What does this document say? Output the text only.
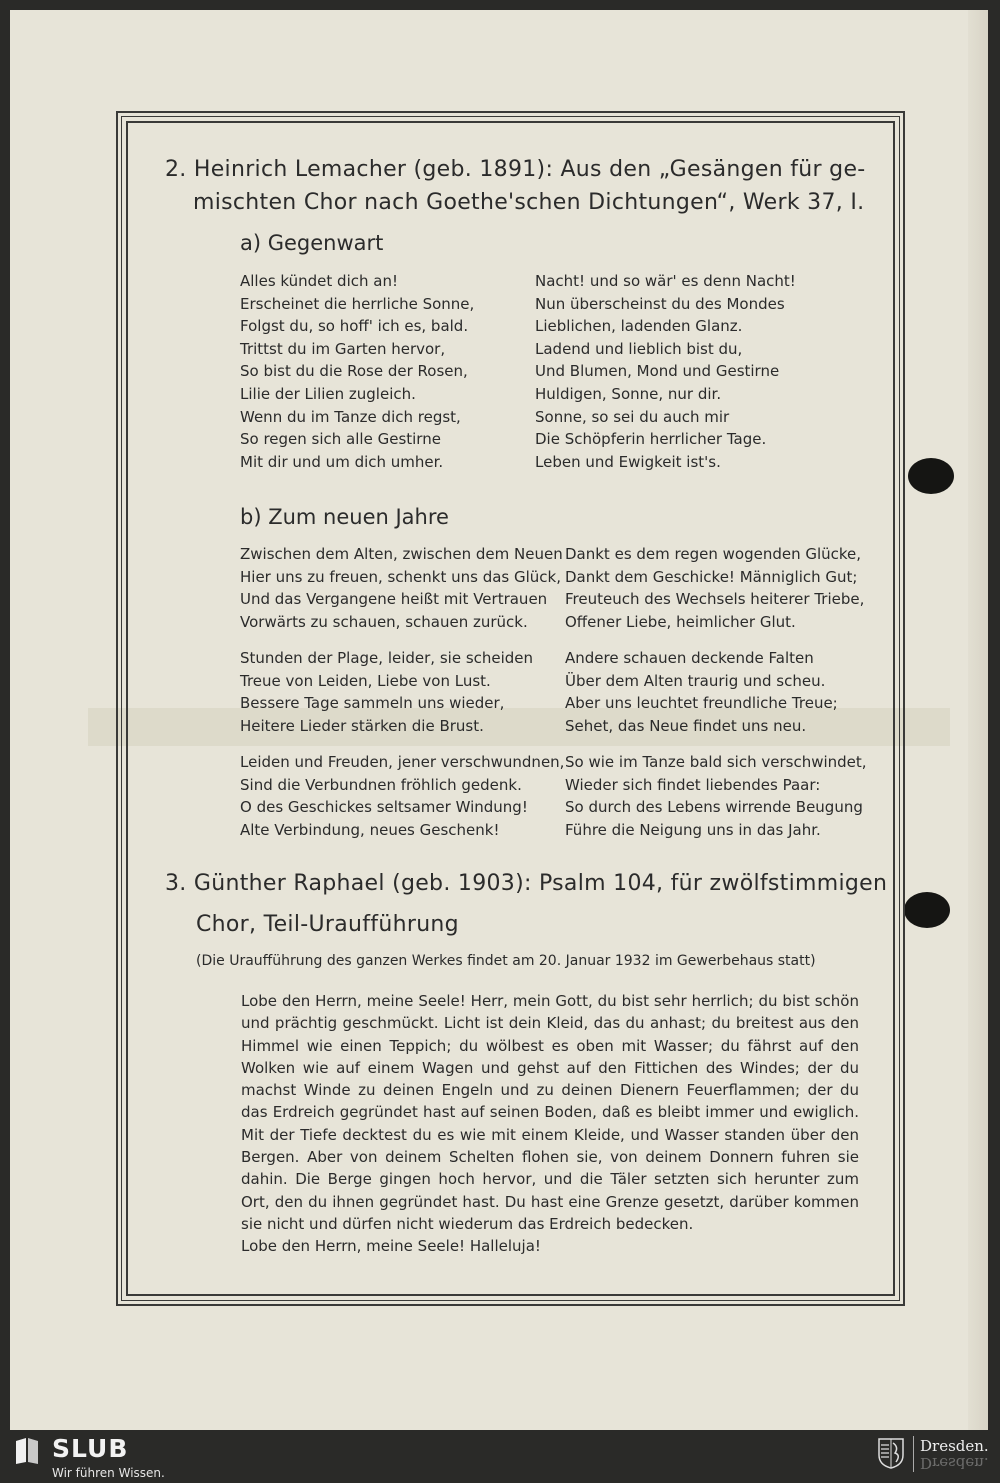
2. Heinrich Lemacher (geb. 1891): Aus den „Gesängen für ge-
mischten Chor nach Goethe'schen Dichtungen“, Werk 37, I.
a) Gegenwart
Alles kündet dich an!
Erscheinet die herrliche Sonne,
Folgst du, so hoff' ich es, bald.
Trittst du im Garten hervor,
So bist du die Rose der Rosen,
Lilie der Lilien zugleich.
Wenn du im Tanze dich regst,
So regen sich alle Gestirne
Mit dir und um dich umher.
Nacht! und so wär' es denn Nacht!
Nun überscheinst du des Mondes
Lieblichen, ladenden Glanz.
Ladend und lieblich bist du,
Und Blumen, Mond und Gestirne
Huldigen, Sonne, nur dir.
Sonne, so sei du auch mir
Die Schöpferin herrlicher Tage.
Leben und Ewigkeit ist's.
b) Zum neuen Jahre
Zwischen dem Alten, zwischen dem Neuen
Hier uns zu freuen, schenkt uns das Glück,
Und das Vergangene heißt mit Vertrauen
Vorwärts zu schauen, schauen zurück.
Dankt es dem regen wogenden Glücke,
Dankt dem Geschicke! Männiglich Gut;
Freuteuch des Wechsels heiterer Triebe,
Offener Liebe, heimlicher Glut.
Stunden der Plage, leider, sie scheiden
Treue von Leiden, Liebe von Lust.
Bessere Tage sammeln uns wieder,
Heitere Lieder stärken die Brust.
Andere schauen deckende Falten
Über dem Alten traurig und scheu.
Aber uns leuchtet freundliche Treue;
Sehet, das Neue findet uns neu.
Leiden und Freuden, jener verschwundnen,
Sind die Verbundnen fröhlich gedenk.
O des Geschickes seltsamer Windung!
Alte Verbindung, neues Geschenk!
So wie im Tanze bald sich verschwindet,
Wieder sich findet liebendes Paar:
So durch des Lebens wirrende Beugung
Führe die Neigung uns in das Jahr.
3. Günther Raphael (geb. 1903): Psalm 104, für zwölfstimmigen
Chor, Teil-Uraufführung
(Die Uraufführung des ganzen Werkes findet am 20. Januar 1932 im Gewerbehaus statt)

Lobe den Herrn, meine Seele! Herr, mein Gott, du bist sehr herrlich; du bist schön und prächtig geschmückt. Licht ist dein Kleid, das du anhast; du breitest aus den Himmel wie einen Teppich; du wölbest es oben mit Wasser; du fährst auf den Wolken wie auf einem Wagen und gehst auf den Fittichen des Windes; der du machst Winde zu deinen Engeln und zu deinen Dienern Feuerflammen; der du das Erdreich gegründet hast auf seinen Boden, daß es bleibt immer und ewiglich. Mit der Tiefe decktest du es wie mit einem Kleide, und Wasser standen über den Bergen. Aber von deinem Schelten flohen sie, von deinem Donnern fuhren sie dahin. Die Berge gingen hoch hervor, und die Täler setzten sich herunter zum Ort, den du ihnen gegründet hast. Du hast eine Grenze gesetzt, darüber kommen sie nicht und dürfen nicht wiederum das Erdreich bedecken.

Lobe den Herrn, meine Seele! Halleluja!

SLUB
Wir führen Wissen.
Dresden.
Dresden.
